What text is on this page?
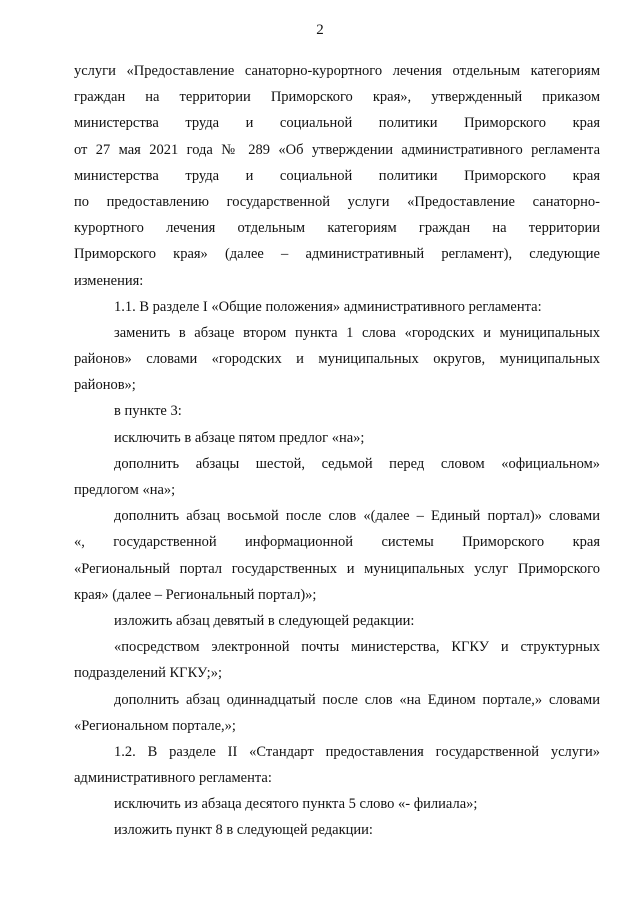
2
услуги «Предоставление санаторно-курортного лечения отдельным категориям
граждан на территории Приморского края», утвержденный приказом
министерства труда и социальной политики Приморского края
от 27 мая 2021 года № 289 «Об утверждении административного регламента
министерства труда и социальной политики Приморского края
по предоставлению государственной услуги «Предоставление санаторно-
курортного лечения отдельным категориям граждан на территории
Приморского края» (далее – административный регламент), следующие
изменения:
1.1. В разделе I «Общие положения» административного регламента:
заменить в абзаце втором пункта 1 слова «городских и муниципальных
районов» словами «городских и муниципальных округов, муниципальных
районов»;
в пункте 3:
исключить в абзаце пятом предлог «на»;
дополнить абзацы шестой, седьмой перед словом «официальном»
предлогом «на»;
дополнить абзац восьмой после слов «(далее – Единый портал)» словами
«, государственной информационной системы Приморского края
«Региональный портал государственных и муниципальных услуг Приморского
края» (далее – Региональный портал)»;
изложить абзац девятый в следующей редакции:
«посредством электронной почты министерства, КГКУ и структурных
подразделений КГКУ;»;
дополнить абзац одиннадцатый после слов «на Едином портале,» словами
«Региональном портале,»;
1.2. В разделе II «Стандарт предоставления государственной услуги»
административного регламента:
исключить из абзаца десятого пункта 5 слово «- филиала»;
изложить пункт 8 в следующей редакции:
